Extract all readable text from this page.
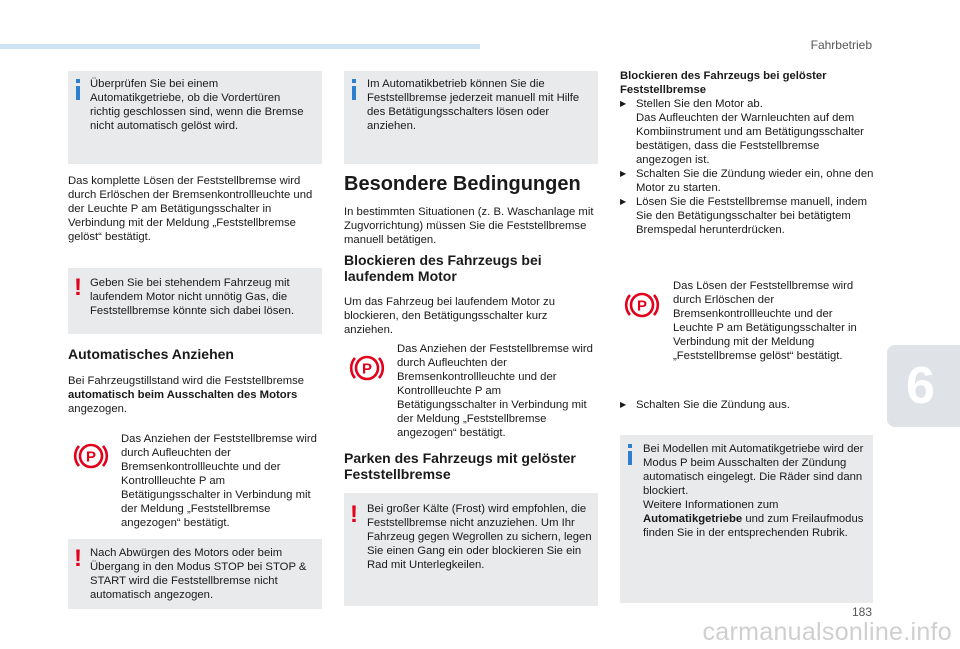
Fahrbetrieb
6
183
carmanualsonline.info

Überprüfen Sie bei einem Automatikgetriebe, ob die Vordertüren richtig geschlossen sind, wenn die Bremse nicht automatisch gelöst wird.

Das komplette Lösen der Feststellbremse wird durch Erlöschen der Bremsenkontrollleuchte und der Leuchte P am Betätigungsschalter in Verbindung mit der Meldung „Feststellbremse gelöst“ bestätigt.

! Geben Sie bei stehendem Fahrzeug mit laufendem Motor nicht unnötig Gas, die Feststellbremse könnte sich dabei lösen.

Automatisches Anziehen

Bei Fahrzeugstillstand wird die Feststellbremse automatisch beim Ausschalten des Motors angezogen.

P

Das Anziehen der Feststellbremse wird durch Aufleuchten der Bremsenkontrollleuchte und der Kontrollleuchte P am Betätigungsschalter in Verbindung mit der Meldung „Feststellbremse angezogen“ bestätigt.

! Nach Abwürgen des Motors oder beim Übergang in den Modus STOP bei STOP & START wird die Feststellbremse nicht automatisch angezogen.

Im Automatikbetrieb können Sie die Feststellbremse jederzeit manuell mit Hilfe des Betätigungsschalters lösen oder anziehen.

Besondere Bedingungen

In bestimmten Situationen (z. B. Waschanlage mit Zugvorrichtung) müssen Sie die Feststellbremse manuell betätigen.

Blockieren des Fahrzeugs bei laufendem Motor

Um das Fahrzeug bei laufendem Motor zu blockieren, den Betätigungsschalter kurz anziehen.

P

Das Anziehen der Feststellbremse wird durch Aufleuchten der Bremsenkontrollleuchte und der Kontrollleuchte P am Betätigungsschalter in Verbindung mit der Meldung „Feststellbremse angezogen“ bestätigt.

Parken des Fahrzeugs mit gelöster Feststellbremse
! Bei großer Kälte (Frost) wird empfohlen, die Feststellbremse nicht anzuziehen. Um Ihr Fahrzeug gegen Wegrollen zu sichern, legen Sie einen Gang ein oder blockieren Sie ein Rad mit Unterlegkeilen.

Blockieren des Fahrzeugs bei gelöster Feststellbremse

▶ Stellen Sie den Motor ab.
Das Aufleuchten der Warnleuchten auf dem Kombiinstrument und am Betätigungsschalter bestätigen, dass die Feststellbremse angezogen ist.
▶ Schalten Sie die Zündung wieder ein, ohne den Motor zu starten.
▶ Lösen Sie die Feststellbremse manuell, indem Sie den Betätigungsschalter bei betätigtem Bremspedal herunterdrücken.
P

Das Lösen der Feststellbremse wird durch Erlöschen der Bremsenkontrollleuchte und der Leuchte P am Betätigungsschalter in Verbindung mit der Meldung „Feststellbremse gelöst“ bestätigt.

▶ Schalten Sie die Zündung aus.

Bei Modellen mit Automatikgetriebe wird der Modus P beim Ausschalten der Zündung automatisch eingelegt. Die Räder sind dann blockiert.
Weitere Informationen zum Automatikgetriebe und zum Freilaufmodus finden Sie in der entsprechenden Rubrik.
